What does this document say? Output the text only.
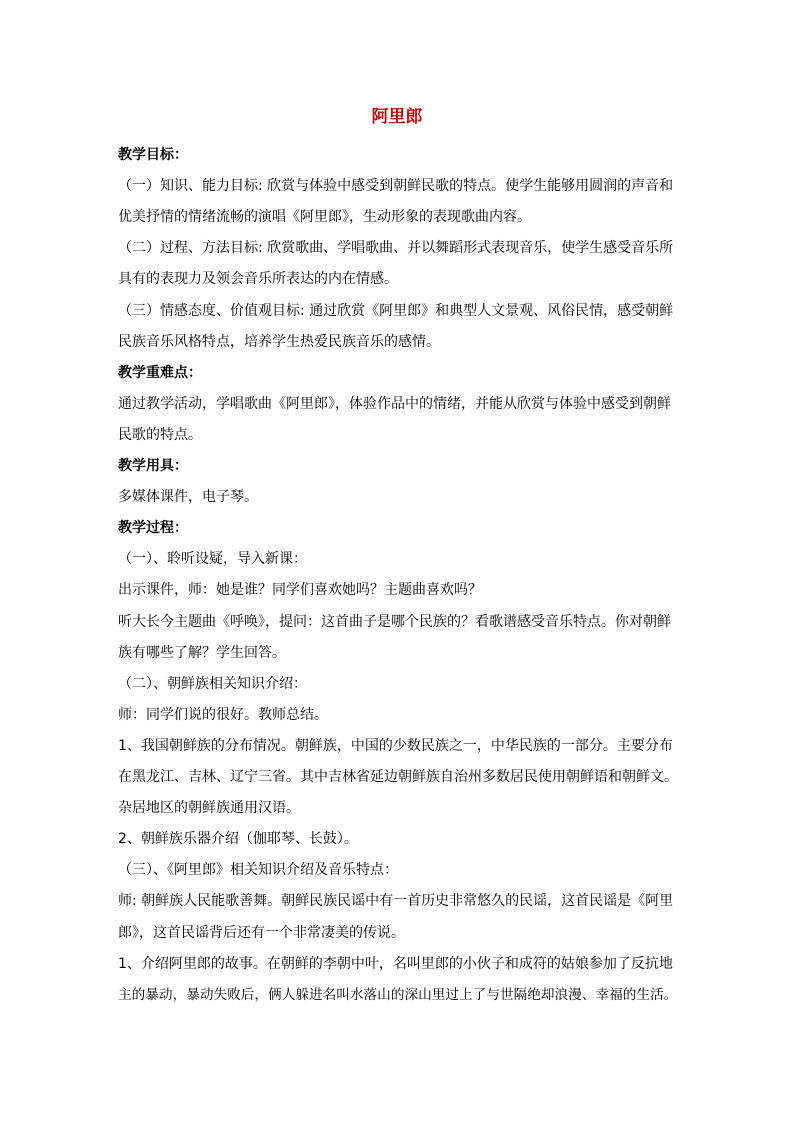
阿里郎
教学目标：
（一）知识、能力目标: 欣赏与体验中感受到朝鲜民歌的特点。使学生能够用圆润的声音和
优美抒情的情绪流畅的演唱《阿里郎》，生动形象的表现歌曲内容。
（二）过程、方法目标: 欣赏歌曲、学唱歌曲、并以舞蹈形式表现音乐，使学生感受音乐所
具有的表现力及领会音乐所表达的内在情感。
（三）情感态度、价值观目标: 通过欣赏《阿里郎》和典型人文景观、风俗民情，感受朝鲜
民族音乐风格特点，培养学生热爱民族音乐的感情。
教学重难点：
通过教学活动，学唱歌曲《阿里郎》，体验作品中的情绪，并能从欣赏与体验中感受到朝鲜
民歌的特点。
教学用具：
多媒体课件，电子琴。
教学过程：
（一）、聆听设疑，导入新课：
出示课件，师：她是谁？同学们喜欢她吗？主题曲喜欢吗？
听大长今主题曲《呼唤》，提问：这首曲子是哪个民族的？看歌谱感受音乐特点。你对朝鲜
族有哪些了解？学生回答。
（二）、朝鲜族相关知识介绍：
师：同学们说的很好。教师总结。
1、我国朝鲜族的分布情况。朝鲜族，中国的少数民族之一，中华民族的一部分。主要分布
在黑龙江、吉林、辽宁三省。其中吉林省延边朝鲜族自治州多数居民使用朝鲜语和朝鲜文。
杂居地区的朝鲜族通用汉语。
2、朝鲜族乐器介绍（伽耶琴、长鼓）。
（三）、《阿里郎》相关知识介绍及音乐特点：
师: 朝鲜族人民能歌善舞。朝鲜民族民谣中有一首历史非常悠久的民谣，这首民谣是《阿里
郎》，这首民谣背后还有一个非常凄美的传说。
1、介绍阿里郎的故事。在朝鲜的李朝中叶，名叫里郎的小伙子和成符的姑娘参加了反抗地
主的暴动，暴动失败后，俩人躲进名叫水落山的深山里过上了与世隔绝却浪漫、幸福的生活。
